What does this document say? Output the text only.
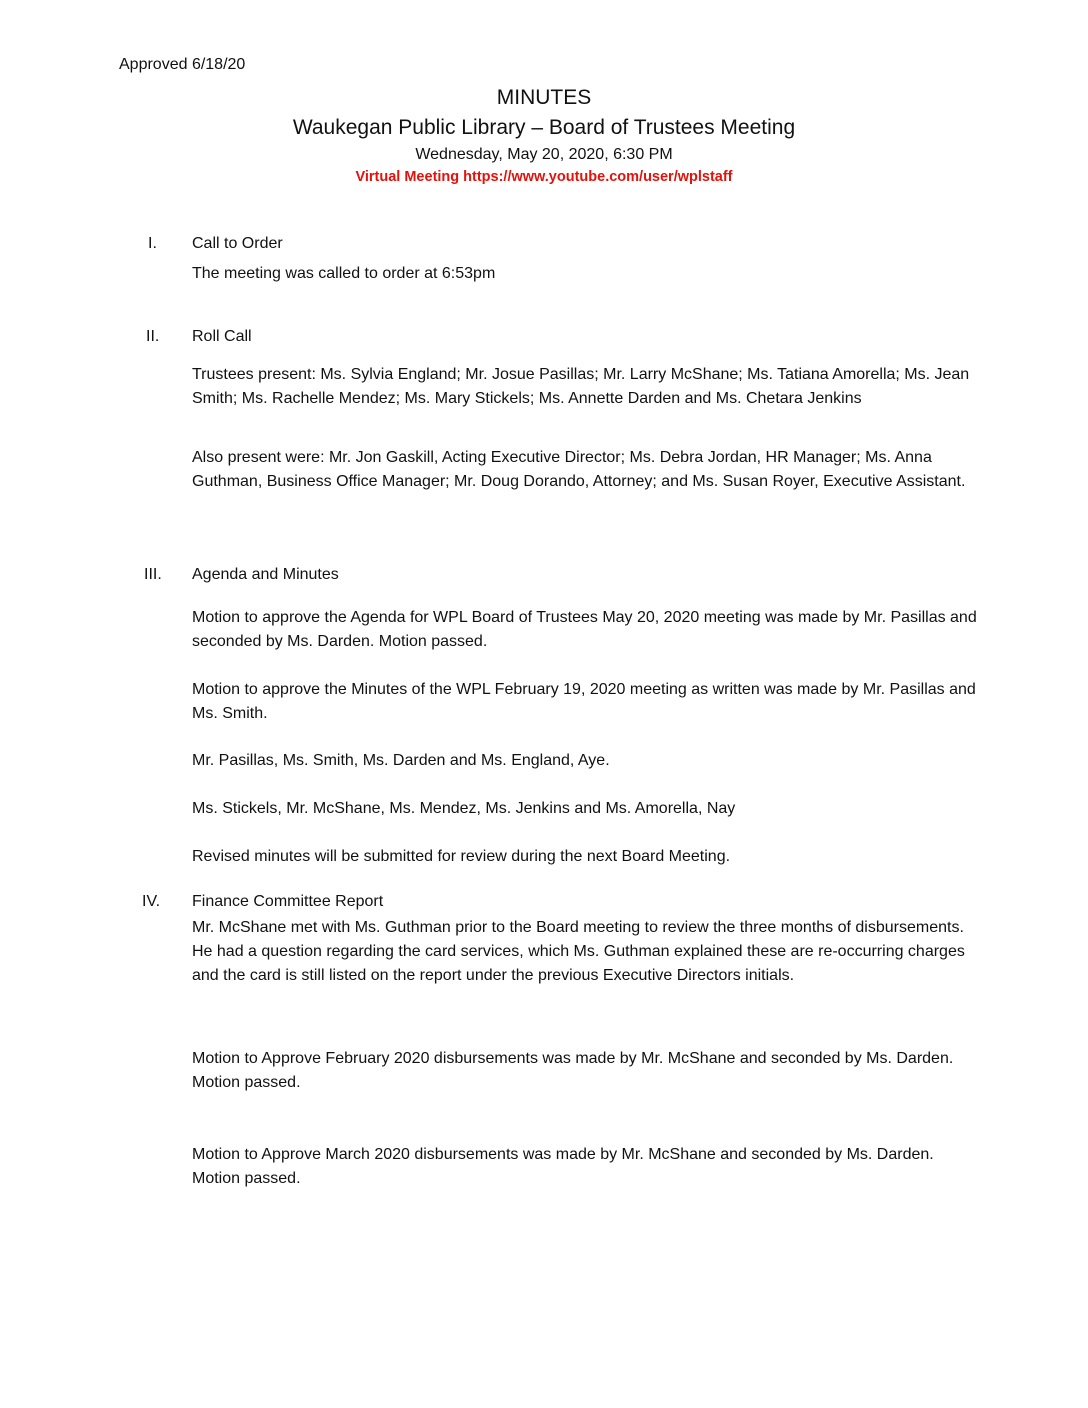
Approved 6/18/20
MINUTES
Waukegan Public Library – Board of Trustees Meeting
Wednesday, May 20, 2020, 6:30 PM
Virtual Meeting https://www.youtube.com/user/wplstaff
I.	Call to Order
The meeting was called to order at 6:53pm
II.	Roll Call
Trustees present: Ms. Sylvia England; Mr. Josue Pasillas; Mr. Larry McShane; Ms. Tatiana Amorella; Ms. Jean Smith; Ms. Rachelle Mendez; Ms. Mary Stickels; Ms. Annette Darden and Ms. Chetara Jenkins
Also present were: Mr. Jon Gaskill, Acting Executive Director; Ms. Debra Jordan, HR Manager; Ms. Anna Guthman, Business Office Manager; Mr. Doug Dorando, Attorney; and Ms. Susan Royer, Executive Assistant.
III.	Agenda and Minutes
Motion to approve the Agenda for WPL Board of Trustees May 20, 2020 meeting was made by Mr. Pasillas and seconded by Ms. Darden. Motion passed.
Motion to approve the Minutes of the WPL February 19, 2020 meeting as written was made by Mr. Pasillas and Ms. Smith.
Mr. Pasillas, Ms. Smith, Ms. Darden and Ms. England, Aye.
Ms. Stickels, Mr. McShane, Ms. Mendez, Ms. Jenkins and Ms. Amorella, Nay
Revised minutes will be submitted for review during the next Board Meeting.
IV.	Finance Committee Report
Mr. McShane met with Ms. Guthman prior to the Board meeting to review the three months of disbursements. He had a question regarding the card services, which Ms. Guthman explained these are re-occurring charges and the card is still listed on the report under the previous Executive Directors initials.
Motion to Approve February 2020 disbursements was made by Mr. McShane and seconded by Ms. Darden. Motion passed.
Motion to Approve March 2020 disbursements was made by Mr. McShane and seconded by Ms. Darden. Motion passed.
